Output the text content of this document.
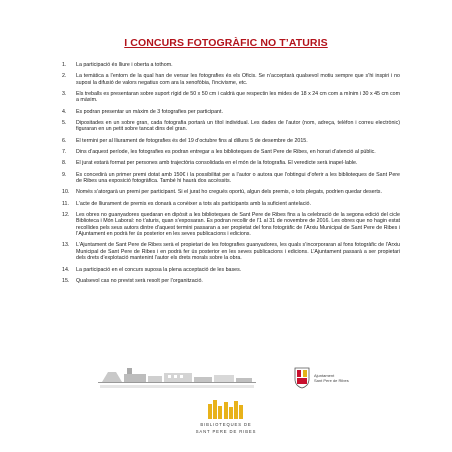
I CONCURS FOTOGRÀFIC NO T’ATURIS
1.	La participació és lliure i oberta a tothom.
2.	La temàtica a l’entorn de la qual han de versar les fotografies és els Oficis. Se n’acceptarà qualsevol motiu sempre que s’hi inspiri i no suposi la difusió de valors negatius com ara la xenofòbia, l’incivisme, etc.
3.	Els treballs es presentaran sobre suport rígid de 50 x 50 cm i caldrà que respectin les mides de 18 x 24 cm com a mínim i 30 x 45 cm com a màxim.
4.	Es podran presentar un màxim de 3 fotografies per participant.
5.	Dipositades en un sobre gran, cada fotografia portarà un títol individual. Les dades de l’autor (nom, adreça, telèfon i correu electrònic) figuraran en un petit sobre tancat dins del gran.
6.	El termini per al lliurament de fotografies és del 19 d’octubre fins al dilluns 5 de desembre de 2015.
7.	Dins d’aquest període, les fotografies es podran entregar a les biblioteques de Sant Pere de Ribes, en horari d’atenció al públic.
8.	El jurat estarà format per persones amb trajectòria consolidada en el món de la fotografia. El veredicte serà inapel·lable.
9.	Es concedirà un primer premi dotat amb 150€ i la possibilitat per a l’autor o autora que l’obtingui d’oferir a les biblioteques de Sant Pere de Ribes una exposició fotogràfica. També hi haurà dos accèssits.
10.	Només s’atorgarà un premi per participant. Si el jurat ho cregués oportú, algun dels premis, o tots plegats, podrien quedar deserts.
11.	L’acte de lliurament de premis es donarà a conèixer a tots als participants amb la suficient antelació.
12.	Les obres no guanyadores quedaran en dipòsit a les biblioteques de Sant Pere de Ribes fins a la celebració de la segona edició del cicle Biblioteca i Món Laboral: no t’aturis, quan s’exposaran. Es podran recollir de l’1 al 31 de novembre de 2016. Les obres que no hagin estat recollides pels seus autors dintre d’aquest termini passaran a ser propietat del fons fotogràfic de l’Arxiu Municipal de Sant Pere de Ribes i l’Ajuntament en podrà fer ús posterior en les seves publicacions i edicions.
13.	L’Ajuntament de Sant Pere de Ribes serà el propietari de les fotografies guanyadores, les quals s’incorporaran al fons fotogràfic de l’Arxiu Municipal de Sant Pere de Ribes i en podrà fer ús posterior en les seves publicacions i edicions. L’Ajuntament passarà a ser propietari dels drets d’explotació mantenint l’autor els drets morals sobre la obra.
14.	La participació en el concurs suposa la plena acceptació de les bases.
15.	Qualsevol cas no previst serà resolt per l’organització.
Ajuntament
Sant Pere de Ribes
BIBLIOTEQUES DE
SANT PERE DE RIBES
